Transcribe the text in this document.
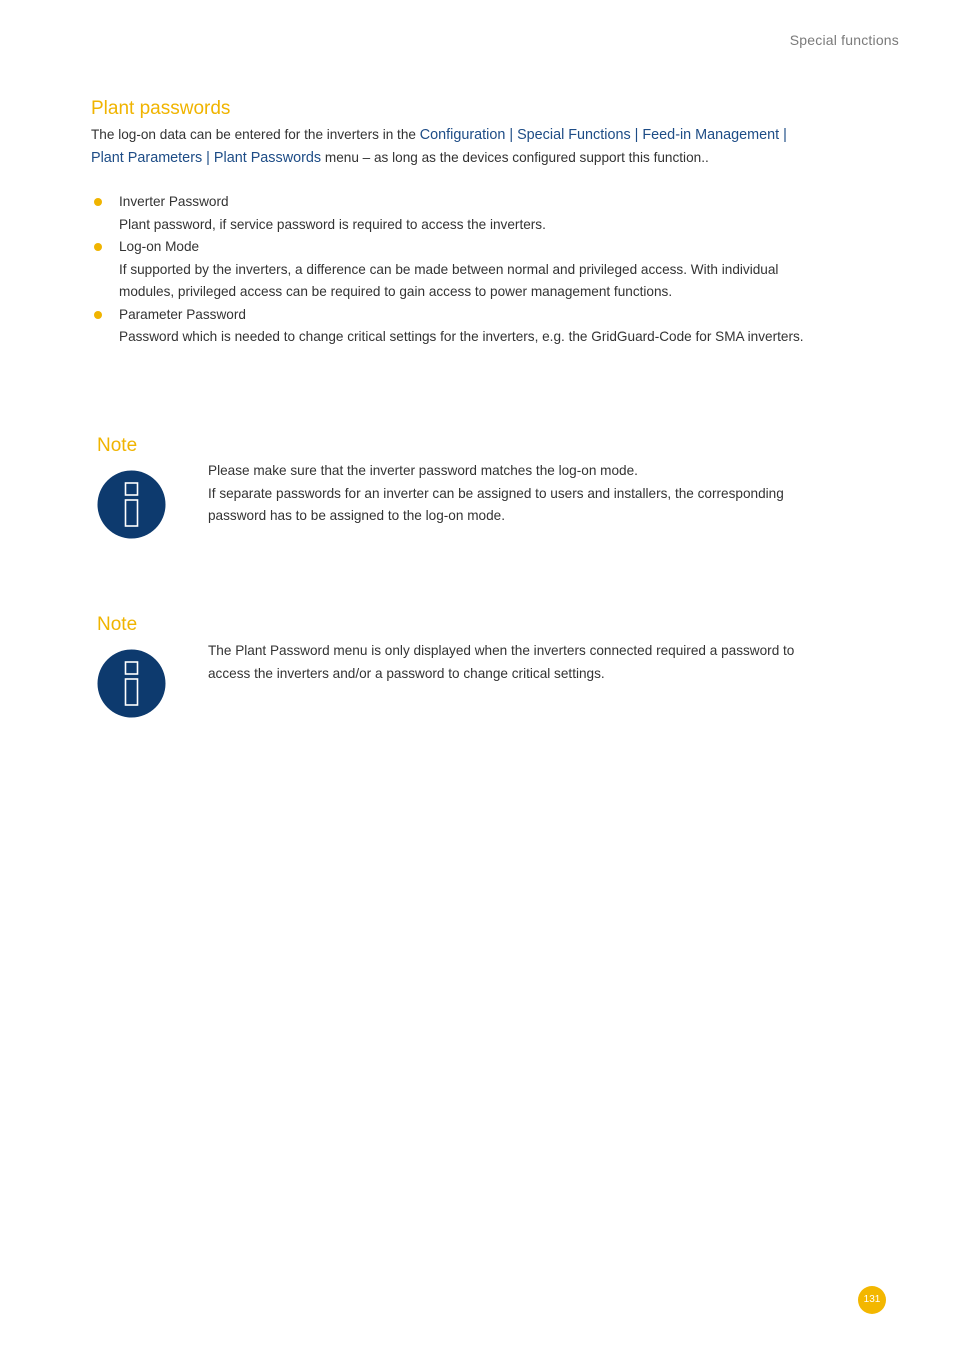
Special functions
Plant passwords
The log-on data can be entered for the inverters in the Configuration | Special Functions | Feed-in Management | Plant Parameters | Plant Passwords menu – as long as the devices configured support this function..
Inverter Password
Plant password, if service password is required to access the inverters.
Log-on Mode
If supported by the inverters, a difference can be made between normal and privileged access. With individual modules, privileged access can be required to gain access to power management functions.
Parameter Password
Password which is needed to change critical settings for the inverters, e.g. the GridGuard-Code for SMA inverters.
Note
Please make sure that the inverter password matches the log-on mode.
If separate passwords for an inverter can be assigned to users and installers, the corresponding password has to be assigned to the log-on mode.
Note
The Plant Password menu is only displayed when the inverters connected required a password to access the inverters and/or a password to change critical settings.
131
